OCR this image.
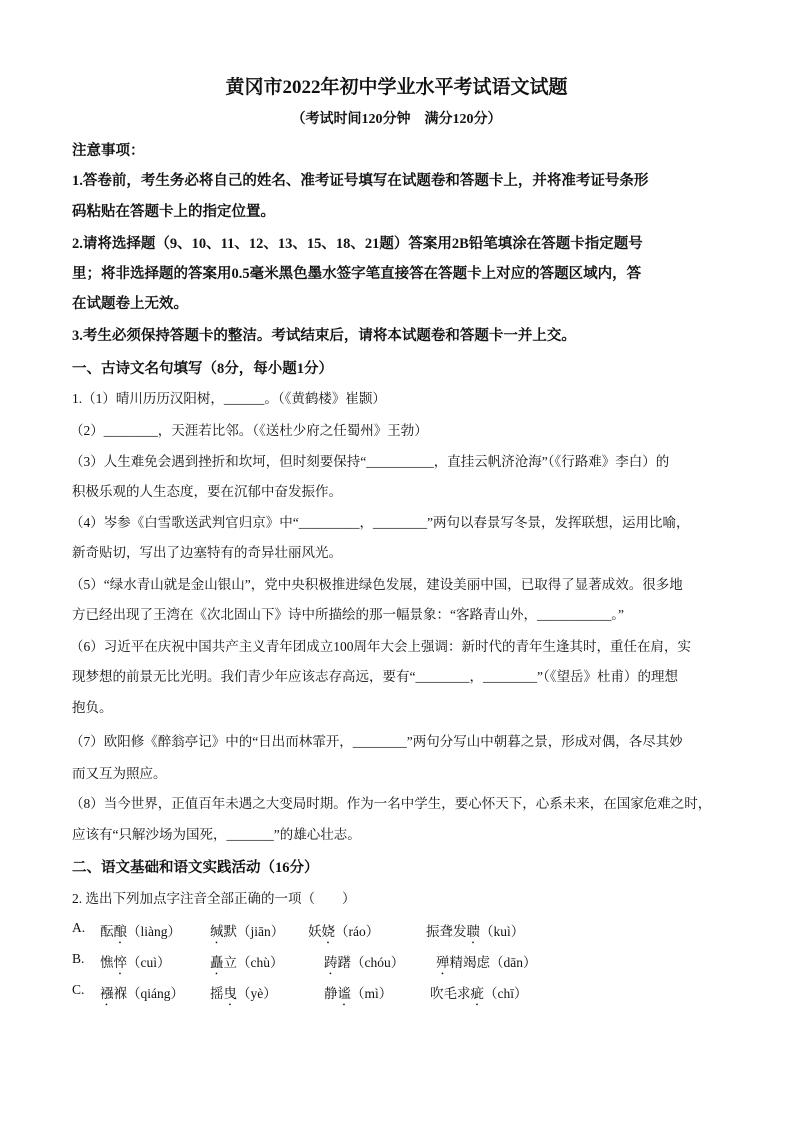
黄冈市2022年初中学业水平考试语文试题
（考试时间120分钟　满分120分）
注意事项：
1.答卷前，考生务必将自己的姓名、准考证号填写在试题卷和答题卡上，并将准考证号条形
码粘贴在答题卡上的指定位置。
2.请将选择题（9、10、11、12、13、15、18、21题）答案用2B铅笔填涂在答题卡指定题号
里；将非选择题的答案用0.5毫米黑色墨水签字笔直接答在答题卡上对应的答题区域内，答
在试题卷上无效。
3.考生必须保持答题卡的整洁。考试结束后，请将本试题卷和答题卡一并上交。
一、古诗文名句填写（8分，每小题1分）
1.（1）晴川历历汉阳树，______。（《黄鹤楼》崔颢）
（2）________，天涯若比邻。（《送杜少府之任蜀州》王勃）
（3）人生难免会遇到挫折和坎坷，但时刻要保持“__________，直挂云帆济沧海”（《行路难》李白）的
积极乐观的人生态度，要在沉郁中奋发振作。
（4）岑参《白雪歌送武判官归京》中“_________，________”两句以春景写冬景，发挥联想，运用比喻，
新奇贴切，写出了边塞特有的奇异壮丽风光。
（5）“绿水青山就是金山银山”，党中央积极推进绿色发展，建设美丽中国，已取得了显著成效。很多地
方已经出现了王湾在《次北固山下》诗中所描绘的那一幅景象：“客路青山外，___________。”
（6）习近平在庆祝中国共产主义青年团成立100周年大会上强调：新时代的青年生逢其时，重任在肩，实
现梦想的前景无比光明。我们青少年应该志存高远，要有“________，________”（《望岳》杜甫）的理想
抱负。
（7）欧阳修《醉翁亭记》中的“日出而林霏开，________”两句分写山中朝暮之景，形成对偶，各尽其妙
而又互为照应。
（8）当今世界，正值百年未遇之大变局时期。作为一名中学生，要心怀天下，心系未来，在国家危难之时，
应该有“只解沙场为国死，_______”的雄心壮志。
二、语文基础和语文实践活动（16分）
2. 选出下列加点字注音全部正确的一项（　　）
A. 酝酿（liàng） 缄默（jiān） 妖娆（ráo）	振聋发聩（kuì）
B. 憔悴（cuì）	矗立（chù）	踌躇（chóu） 殚精竭虑（dān）
C. 襁褓（qiáng） 摇曳（yè）	静谧（mì）	吹毛求疵（chī）
